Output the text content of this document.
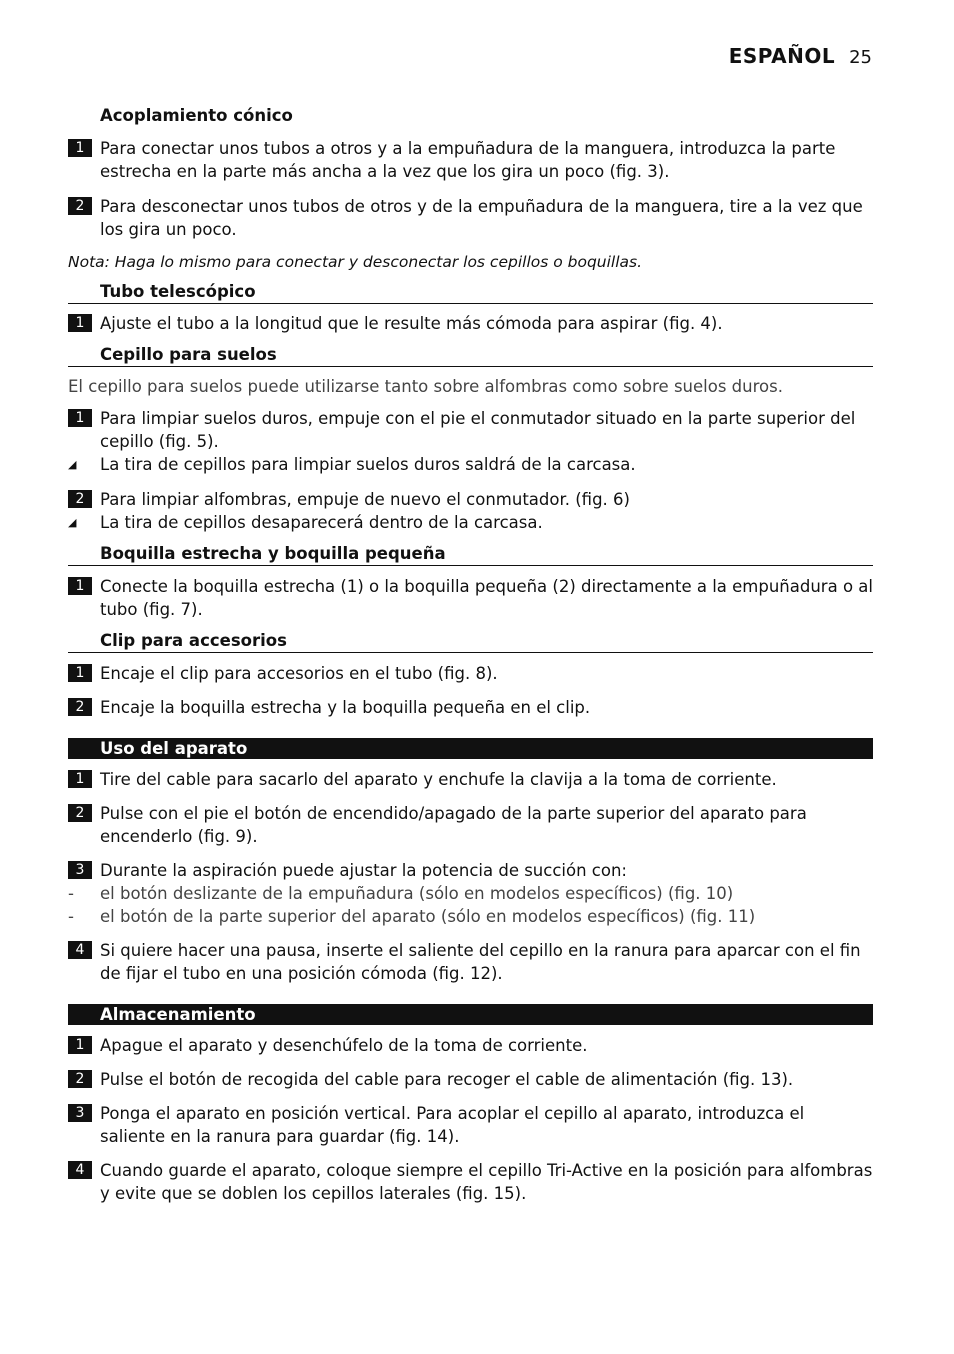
ESPAÑOL 25
Acoplamiento cónico
1 Para conectar unos tubos a otros y a la empuñadura de la manguera, introduzca la parte estrecha en la parte más ancha a la vez que los gira un poco (fig. 3).
2 Para desconectar unos tubos de otros y de la empuñadura de la manguera, tire a la vez que los gira un poco.
Nota: Haga lo mismo para conectar y desconectar los cepillos o boquillas.
Tubo telescópico
1 Ajuste el tubo a la longitud que le resulte más cómoda para aspirar (fig. 4).
Cepillo para suelos
El cepillo para suelos puede utilizarse tanto sobre alfombras como sobre suelos duros.
1 Para limpiar suelos duros, empuje con el pie el conmutador situado en la parte superior del cepillo (fig. 5).
◢ La tira de cepillos para limpiar suelos duros saldrá de la carcasa.
2 Para limpiar alfombras, empuje de nuevo el conmutador. (fig. 6)
◢ La tira de cepillos desaparecerá dentro de la carcasa.
Boquilla estrecha y boquilla pequeña
1 Conecte la boquilla estrecha (1) o la boquilla pequeña (2) directamente a la empuñadura o al tubo (fig. 7).
Clip para accesorios
1 Encaje el clip para accesorios en el tubo (fig. 8).
2 Encaje la boquilla estrecha y la boquilla pequeña en el clip.
Uso del aparato
1 Tire del cable para sacarlo del aparato y enchufe la clavija a la toma de corriente.
2 Pulse con el pie el botón de encendido/apagado de la parte superior del aparato para encenderlo (fig. 9).
3 Durante la aspiración puede ajustar la potencia de succión con:
- el botón deslizante de la empuñadura (sólo en modelos específicos) (fig. 10)
- el botón de la parte superior del aparato (sólo en modelos específicos) (fig. 11)
4 Si quiere hacer una pausa, inserte el saliente del cepillo en la ranura para aparcar con el fin de fijar el tubo en una posición cómoda (fig. 12).
Almacenamiento
1 Apague el aparato y desenchúfelo de la toma de corriente.
2 Pulse el botón de recogida del cable para recoger el cable de alimentación (fig. 13).
3 Ponga el aparato en posición vertical. Para acoplar el cepillo al aparato, introduzca el saliente en la ranura para guardar (fig. 14).
4 Cuando guarde el aparato, coloque siempre el cepillo Tri-Active en la posición para alfombras y evite que se doblen los cepillos laterales (fig. 15).
